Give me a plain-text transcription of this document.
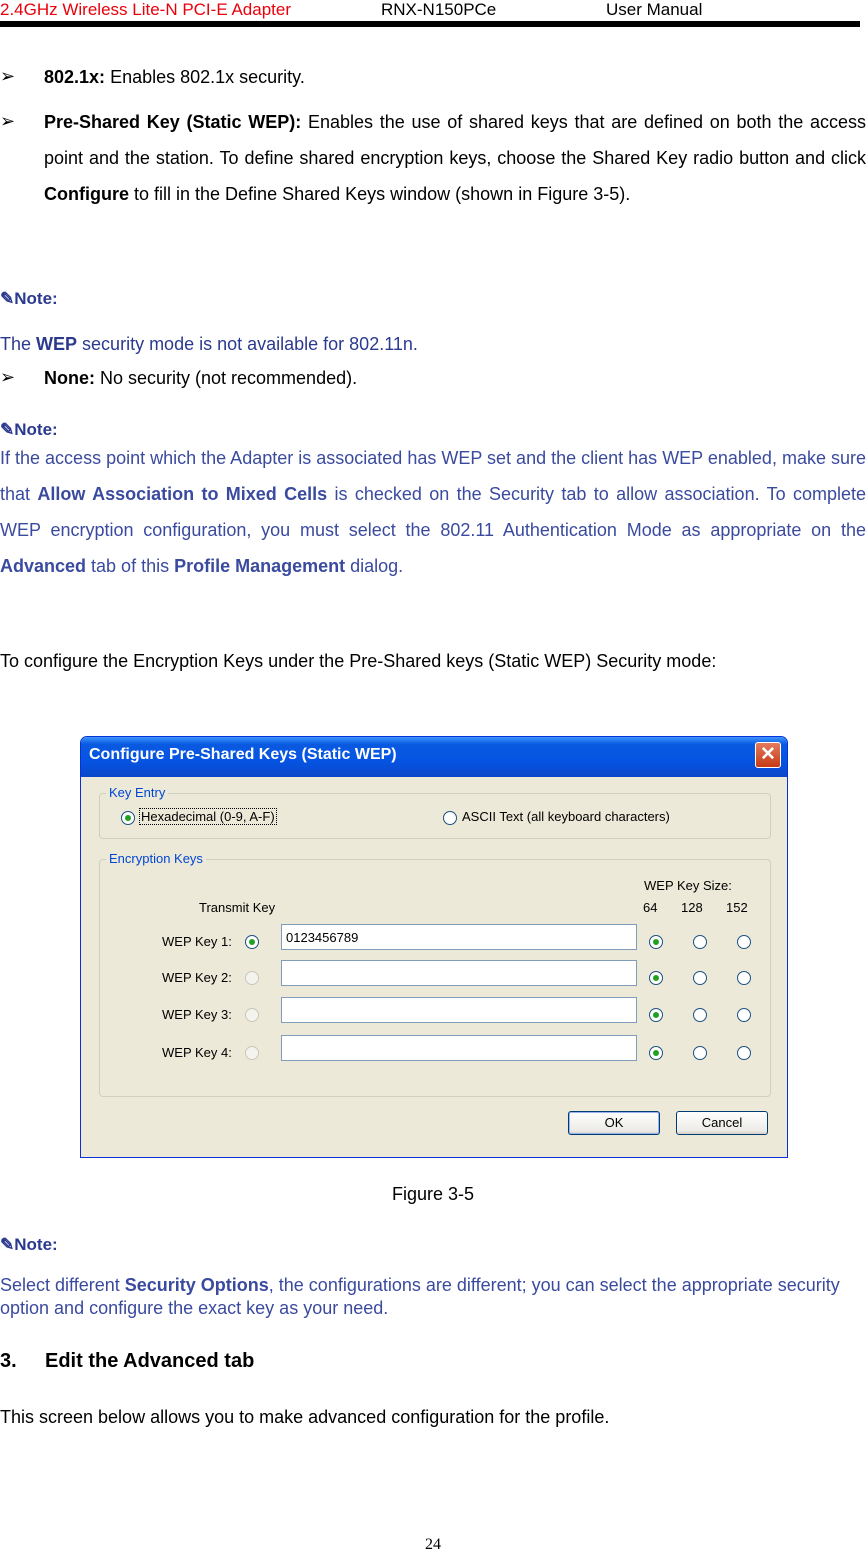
2.4GHz Wireless Lite-N PCI-E Adapter	RNX-N150PCe	User Manual
➢ 802.1x: Enables 802.1x security.
➢ Pre-Shared Key (Static WEP): Enables the use of shared keys that are defined on both the access point and the station. To define shared encryption keys, choose the Shared Key radio button and click Configure to fill in the Define Shared Keys window (shown in Figure 3-5).
✎Note:
The WEP security mode is not available for 802.11n.
➢ None: No security (not recommended).
✎Note:
If the access point which the Adapter is associated has WEP set and the client has WEP enabled, make sure that Allow Association to Mixed Cells is checked on the Security tab to allow association. To complete WEP encryption configuration, you must select the 802.11 Authentication Mode as appropriate on the Advanced tab of this Profile Management dialog.
To configure the Encryption Keys under the Pre-Shared keys (Static WEP) Security mode:
Configure Pre-Shared Keys (Static WEP)	✕
Key Entry
Hexadecimal (0-9, A-F)	ASCII Text (all keyboard characters)
Encryption Keys
WEP Key Size:
Transmit Key	64 128 152
WEP Key 1:
0123456789
WEP Key 2:
WEP Key 3:
WEP Key 4:
OK	Cancel
Figure 3-5
✎Note:
Select different Security Options, the configurations are different; you can select the appropriate security option and configure the exact key as your need.
3. Edit the Advanced tab
This screen below allows you to make advanced configuration for the profile.
24
